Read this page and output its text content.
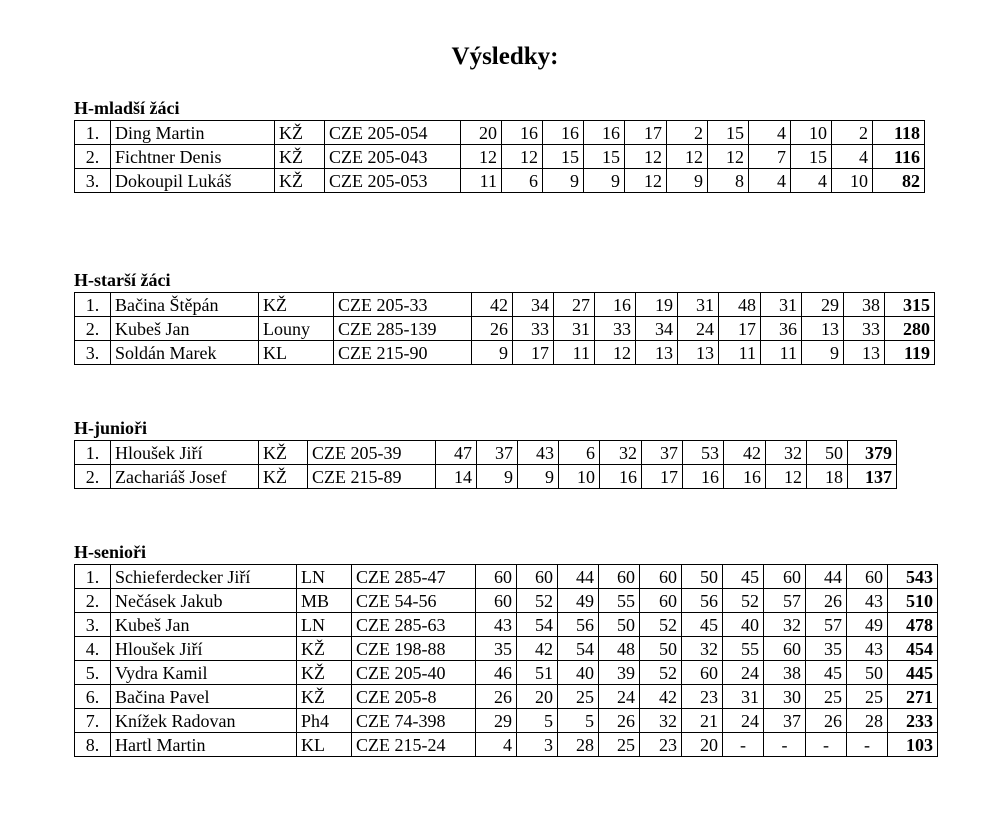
Výsledky:
H-mladší žáci
1.	Ding Martin	KŽ	CZE 205-054	20	16	16	16	17	2	15	4	10	2	118
2.	Fichtner Denis	KŽ	CZE 205-043	12	12	15	15	12	12	12	7	15	4	116
3.	Dokoupil Lukáš	KŽ	CZE 205-053	11	6	9	9	12	9	8	4	4	10	82
H-starší žáci
1.	Bačina Štěpán	KŽ	CZE 205-33	42	34	27	16	19	31	48	31	29	38	315
2.	Kubeš Jan	Louny	CZE 285-139	26	33	31	33	34	24	17	36	13	33	280
3.	Soldán Marek	KL	CZE 215-90	9	17	11	12	13	13	11	11	9	13	119
H-junioři
1.	Hloušek Jiří	KŽ	CZE 205-39	47	37	43	6	32	37	53	42	32	50	379
2.	Zachariáš Josef	KŽ	CZE 215-89	14	9	9	10	16	17	16	16	12	18	137
H-senioři
1.	Schieferdecker Jiří	LN	CZE 285-47	60	60	44	60	60	50	45	60	44	60	543
2.	Nečásek Jakub	MB	CZE 54-56	60	52	49	55	60	56	52	57	26	43	510
3.	Kubeš Jan	LN	CZE 285-63	43	54	56	50	52	45	40	32	57	49	478
4.	Hloušek Jiří	KŽ	CZE 198-88	35	42	54	48	50	32	55	60	35	43	454
5.	Vydra Kamil	KŽ	CZE 205-40	46	51	40	39	52	60	24	38	45	50	445
6.	Bačina Pavel	KŽ	CZE 205-8	26	20	25	24	42	23	31	30	25	25	271
7.	Knížek Radovan	Ph4	CZE 74-398	29	5	5	26	32	21	24	37	26	28	233
8.	Hartl Martin	KL	CZE 215-24	4	3	28	25	23	20	-	-	-	-	103
